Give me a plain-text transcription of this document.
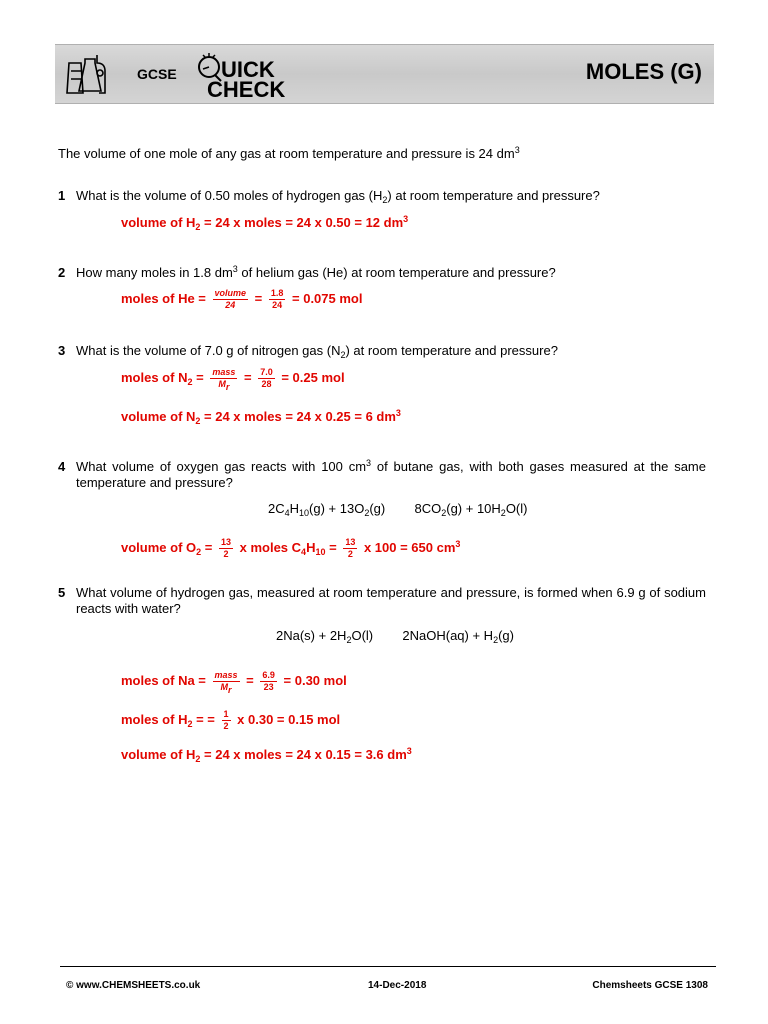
GCSE UICK
CHECK
MOLES (G)
The volume of one mole of any gas at room temperature and pressure is 24 $dm^3$
1 What is the volume of 0.50 moles of hydrogen gas $(H_2)$ at room temperature and pressure?
volume of $H_2 = 24$ x moles = 24 x 0.50 = 12 $dm^3$
2 How many moles in 1.8 $dm^3$ of helium gas (He) at room temperature and pressure?
moles of $He = \frac{\text{volume}}{24} = \frac{1.8}{24} = 0.075$ mol
3 What is the volume of 7.0 g of nitrogen gas $(N_2)$ at room temperature and pressure?
moles of $N_2 = \frac{\text{mass}}{M_r} = \frac{7.0}{28} = 0.25$ mol
volume of $N_2 = 24$ x moles = 24 x 0.25 = 6 $dm^3$
4 What volume of oxygen gas reacts with 100 $cm^3$ of butane gas, with both gases measured at the same temperature and pressure?
$2C_4H_{10}(g) + 13O_2(g) 8CO_2(g) + 10H_2O(l)$
volume of $O_2 = \frac{13}{2}$ x moles $C_4H_{10} = \frac{13}{2}$ x 100 = 650 $cm^3$
5 What volume of hydrogen gas, measured at room temperature and pressure, is formed when 6.9 g of sodium reacts with water?
$2Na(s) + 2H_2O(l)$ 2NaOH(aq) + $H_2(g)$
moles of $Na = \frac{\text{mass}}{M_r} = \frac{6.9}{23} = 0.30$ mol
moles of $H_2$ = = $\frac{1}{2}$ x 0.30 = 0.15 mol
volume of $H_2 = 24$ x moles = 24 x 0.15 = 3.6 $dm^3$
© www.CHEMSHEETS.co.uk	14-Dec-2018	Chemsheets GCSE 1308
